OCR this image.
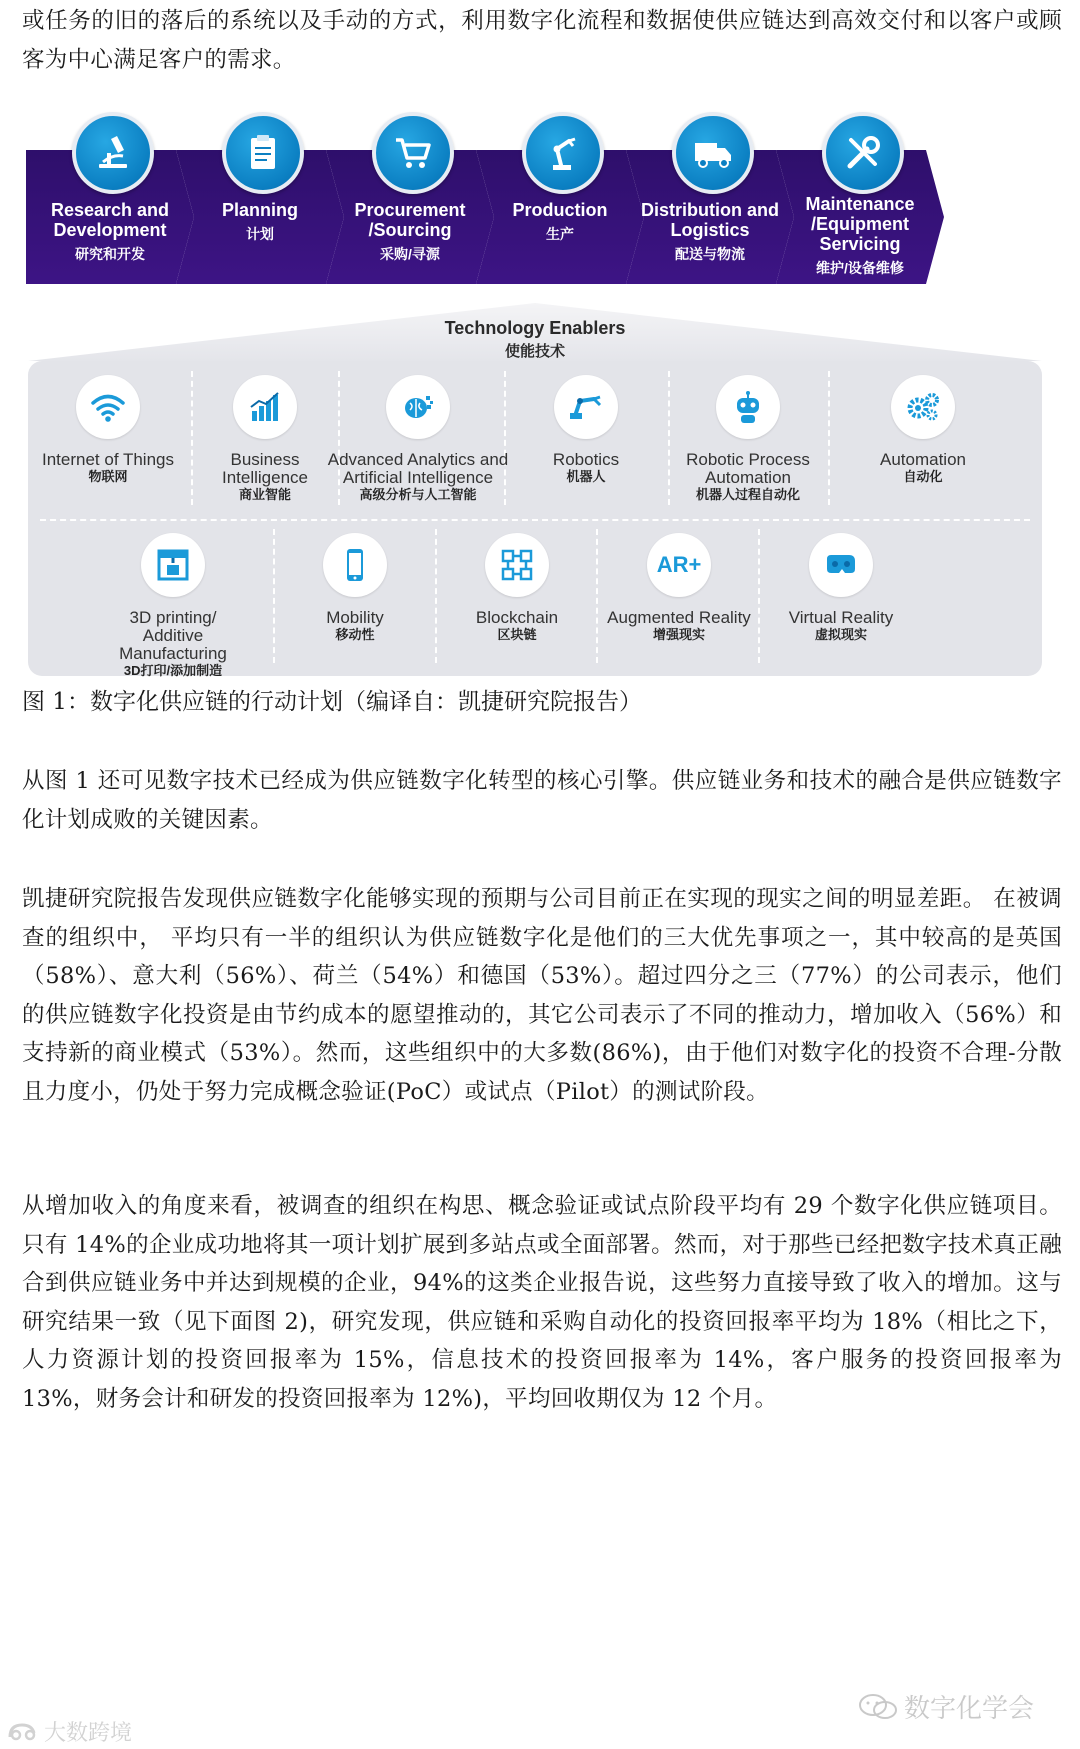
或任务的旧的落后的系统以及手动的方式，利用数字化流程和数据使供应链达到高效交付和以客户或顾客为中心满足客户的需求。

Research and Development
研究和开发
Planning
计划
Procurement /Sourcing
采购/寻源
Production
生产
Distribution and Logistics
配送与物流
Maintenance /Equipment Servicing
维护/设备维修
Technology Enablers
使能技术
Internet of Things
物联网
Business Intelligence
商业智能
Advanced Analytics and Artificial Intelligence
高级分析与人工智能
Robotics
机器人
Robotic Process Automation
机器人过程自动化
Automation
自动化
3D printing/ Additive Manufacturing
3D打印/添加制造
Mobility
移动性
Blockchain
区块链
AR+
Augmented Reality
增强现实
Virtual Reality
虚拟现实

图 1：数字化供应链的行动计划（编译自：凯捷研究院报告）

从图 1 还可见数字技术已经成为供应链数字化转型的核心引擎。供应链业务和技术的融合是供应链数字化计划成败的关键因素。

凯捷研究院报告发现供应链数字化能够实现的预期与公司目前正在实现的现实之间的明显差距。 在被调查的组织中， 平均只有一半的组织认为供应链数字化是他们的三大优先事项之一，其中较高的是英国（58%）、意大利（56%）、荷兰（54%）和德国（53%）。超过四分之三（77%）的公司表示，他们的供应链数字化投资是由节约成本的愿望推动的，其它公司表示了不同的推动力，增加收入（56%）和支持新的商业模式（53%）。然而，这些组织中的大多数(86%)，由于他们对数字化的投资不合理-分散且力度小，仍处于努力完成概念验证(PoC）或试点（Pilot）的测试阶段。

从增加收入的角度来看，被调查的组织在构思、概念验证或试点阶段平均有 29 个数字化供应链项目。只有 14%的企业成功地将其一项计划扩展到多站点或全面部署。然而，对于那些已经把数字技术真正融合到供应链业务中并达到规模的企业，94%的这类企业报告说，这些努力直接导致了收入的增加。这与研究结果一致（见下面图 2)，研究发现，供应链和采购自动化的投资回报率平均为 18%（相比之下，人力资源计划的投资回报率为 15%，信息技术的投资回报率为 14%，客户服务的投资回报率为 13%，财务会计和研发的投资回报率为 12%)，平均回收期仅为 12 个月。

数字化学会
大数跨境
